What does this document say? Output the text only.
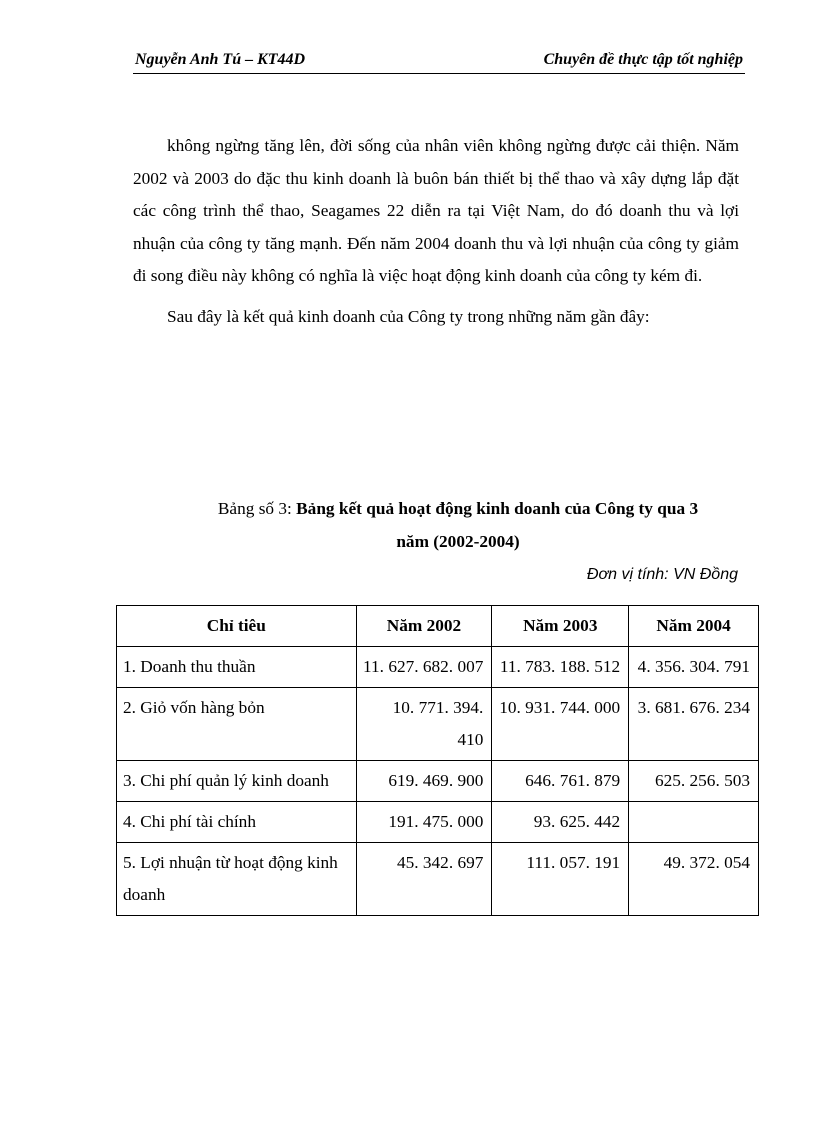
Nguyễn Anh Tú – KT44D	Chuyên đề thực tập tốt nghiệp

không ngừng tăng lên, đời sống của nhân viên không ngừng được cải thiện. Năm 2002 và 2003 do đặc thu kinh doanh là buôn bán thiết bị thể thao và xây dựng lắp đặt các công trình thể thao, Seagames 22 diễn ra tại Việt Nam, do đó doanh thu và lợi nhuận của công ty tăng mạnh. Đến năm 2004 doanh thu và lợi nhuận của công ty giảm đi song điều này không có nghĩa là việc hoạt động kinh doanh của công ty kém đi.

Sau đây là kết quả kinh doanh của Công ty trong những năm gần đây:

Bảng số 3: Bảng kết quả hoạt động kinh doanh của Công ty qua 3
năm (2002-2004)
Đơn vị tính: VN Đồng
Chỉ tiêu	Năm 2002	Năm 2003	Năm 2004
1. Doanh thu thuần	11. 627. 682. 007	11. 783. 188. 512	4. 356. 304. 791
2. Giỏ vốn hàng bỏn	10. 771. 394. 410	10. 931. 744. 000	3. 681. 676. 234
3. Chi phí quản lý kinh doanh	619. 469. 900	646. 761. 879	625. 256. 503
4. Chi phí tài chính	191. 475. 000	93. 625. 442	
5. Lợi nhuận từ hoạt động kinh doanh	45. 342. 697	111. 057. 191	49. 372. 054
